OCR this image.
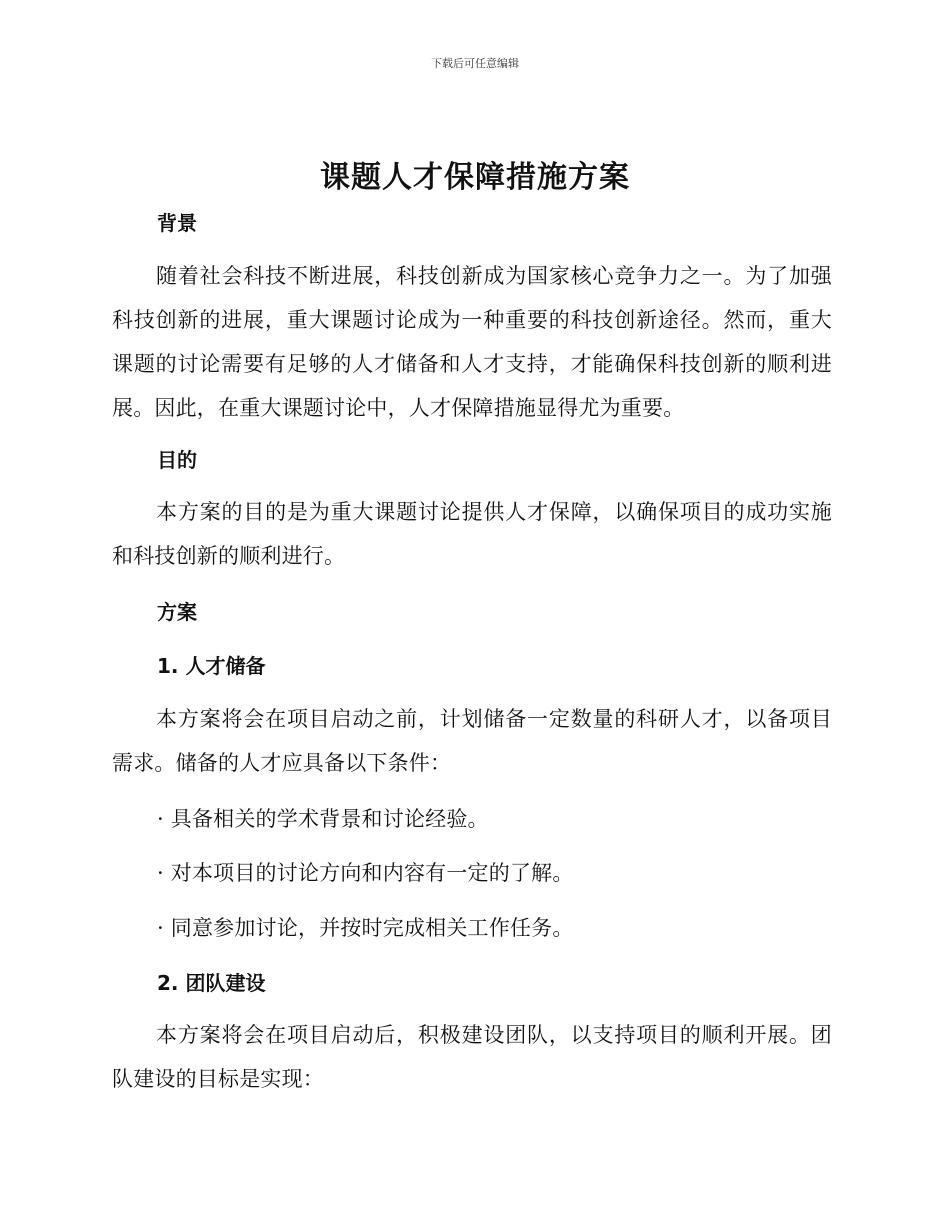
下载后可任意编辑
课题人才保障措施方案
背景

随着社会科技不断进展，科技创新成为国家核心竞争力之一。为了加强科技创新的进展，重大课题讨论成为一种重要的科技创新途径。然而，重大课题的讨论需要有足够的人才储备和人才支持，才能确保科技创新的顺利进展。因此，在重大课题讨论中，人才保障措施显得尤为重要。

目的

本方案的目的是为重大课题讨论提供人才保障，以确保项目的成功实施和科技创新的顺利进行。

方案
1. 人才储备

本方案将会在项目启动之前，计划储备一定数量的科研人才，以备项目需求。储备的人才应具备以下条件：

· 具备相关的学术背景和讨论经验。

· 对本项目的讨论方向和内容有一定的了解。

· 同意参加讨论，并按时完成相关工作任务。

2. 团队建设

本方案将会在项目启动后，积极建设团队，以支持项目的顺利开展。团队建设的目标是实现：
